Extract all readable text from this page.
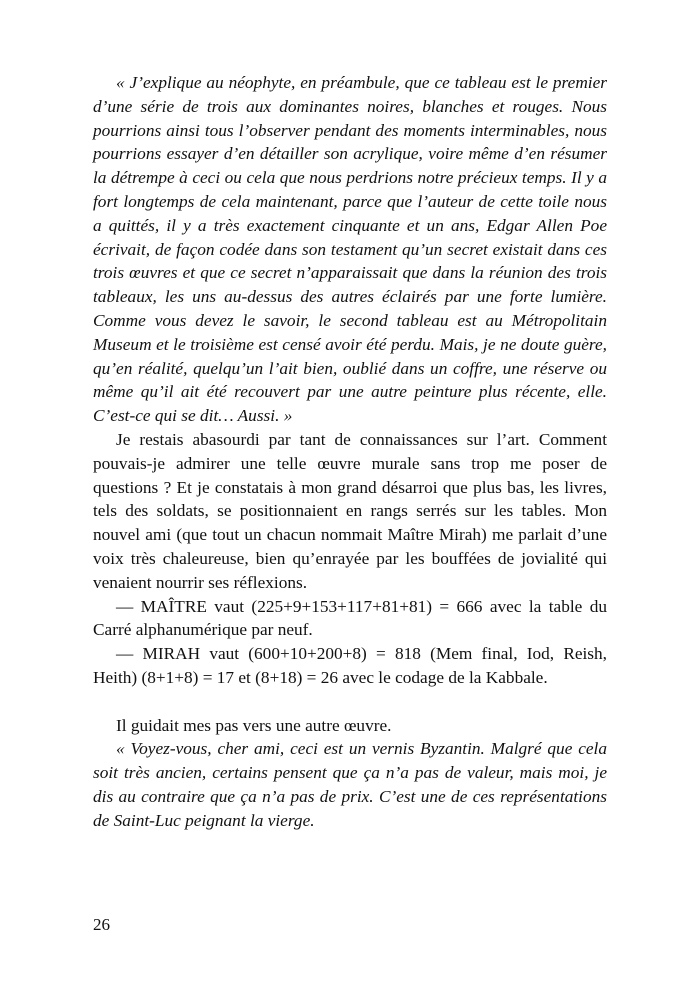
« J’explique au néophyte, en préambule, que ce tableau est le premier d’une série de trois aux dominantes noires, blanches et rouges. Nous pourrions ainsi tous l’observer pendant des moments interminables, nous pourrions essayer d’en détailler son acrylique, voire même d’en résumer la détrempe à ceci ou cela que nous perdrions notre précieux temps. Il y a fort longtemps de cela maintenant, parce que l’auteur de cette toile nous a quittés, il y a très exactement cinquante et un ans, Edgar Allen Poe écrivait, de façon codée dans son testament qu’un secret existait dans ces trois œuvres et que ce secret n’apparaissait que dans la réunion des trois tableaux, les uns au-dessus des autres éclairés par une forte lumière. Comme vous devez le savoir, le second tableau est au Métropolitain Museum et le troisième est censé avoir été perdu. Mais, je ne doute guère, qu’en réalité, quelqu’un l’ait bien, oublié dans un coffre, une réserve ou même qu’il ait été recouvert par une autre peinture plus récente, elle. C’est-ce qui se dit… Aussi. »

Je restais abasourdi par tant de connaissances sur l’art. Comment pouvais-je admirer une telle œuvre murale sans trop me poser de questions ? Et je constatais à mon grand désarroi que plus bas, les livres, tels des soldats, se positionnaient en rangs serrés sur les tables. Mon nouvel ami (que tout un chacun nommait Maître Mirah) me parlait d’une voix très chaleureuse, bien qu’enrayée par les bouffées de jovialité qui venaient nourrir ses réflexions.

— MAÎTRE vaut (225+9+153+117+81+81) = 666 avec la table du Carré alphanumérique par neuf.

— MIRAH vaut (600+10+200+8) = 818 (Mem final, Iod, Reish, Heith) (8+1+8) = 17 et (8+18) = 26 avec le codage de la Kabbale.

Il guidait mes pas vers une autre œuvre.

« Voyez-vous, cher ami, ceci est un vernis Byzantin. Malgré que cela soit très ancien, certains pensent que ça n’a pas de valeur, mais moi, je dis au contraire que ça n’a pas de prix. C’est une de ces représentations de Saint-Luc peignant la vierge.

26
